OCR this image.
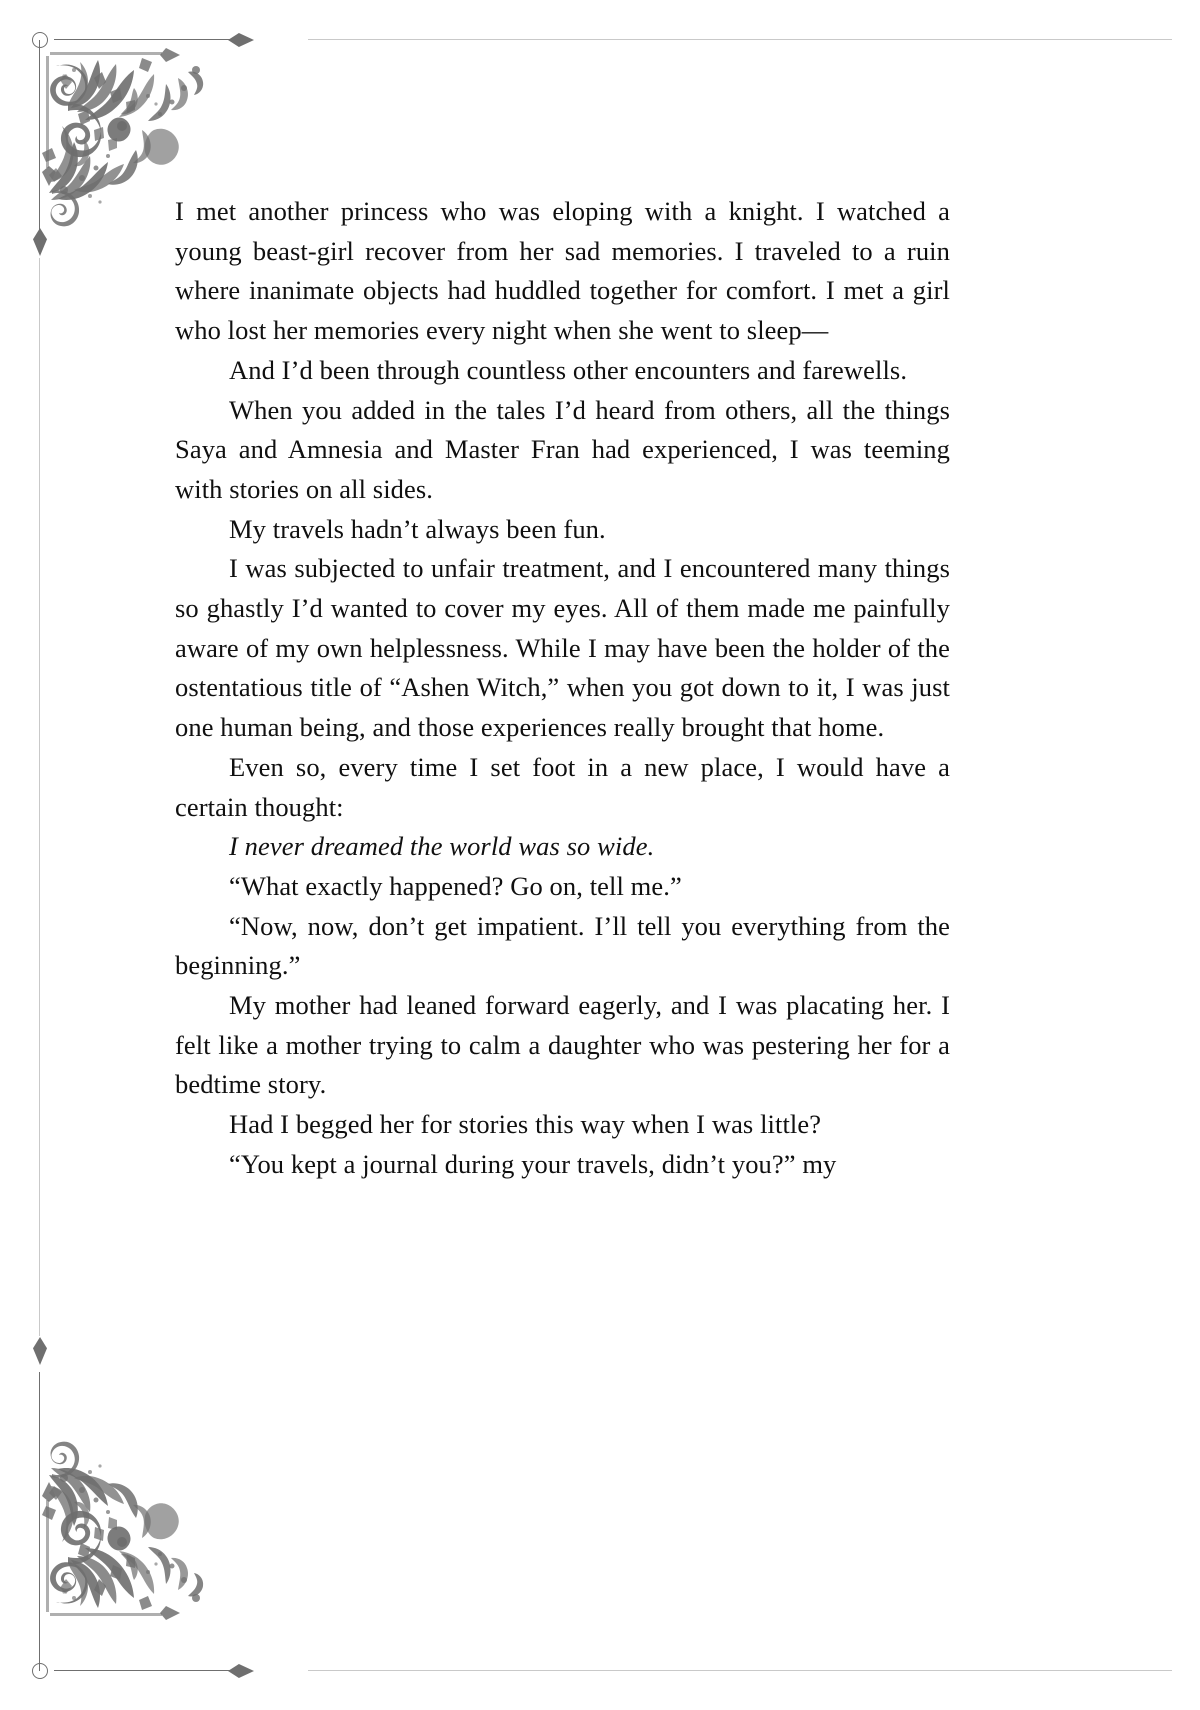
I met another princess who was eloping with a knight. I watched a young beast-girl recover from her sad memories. I traveled to a ruin where inanimate objects had huddled together for comfort. I met a girl who lost her memories every night when she went to sleep—

And I’d been through countless other encounters and farewells.

When you added in the tales I’d heard from others, all the things Saya and Amnesia and Master Fran had experienced, I was teeming with stories on all sides.

My travels hadn’t always been fun.

I was subjected to unfair treatment, and I encountered many things so ghastly I’d wanted to cover my eyes. All of them made me painfully aware of my own helplessness. While I may have been the holder of the ostentatious title of “Ashen Witch,” when you got down to it, I was just one human being, and those experiences really brought that home.

Even so, every time I set foot in a new place, I would have a certain thought:

I never dreamed the world was so wide.

“What exactly happened? Go on, tell me.”

“Now, now, don’t get impatient. I’ll tell you everything from the beginning.”

My mother had leaned forward eagerly, and I was placating her. I felt like a mother trying to calm a daughter who was pestering her for a bedtime story.

Had I begged her for stories this way when I was little?

“You kept a journal during your travels, didn’t you?” my
